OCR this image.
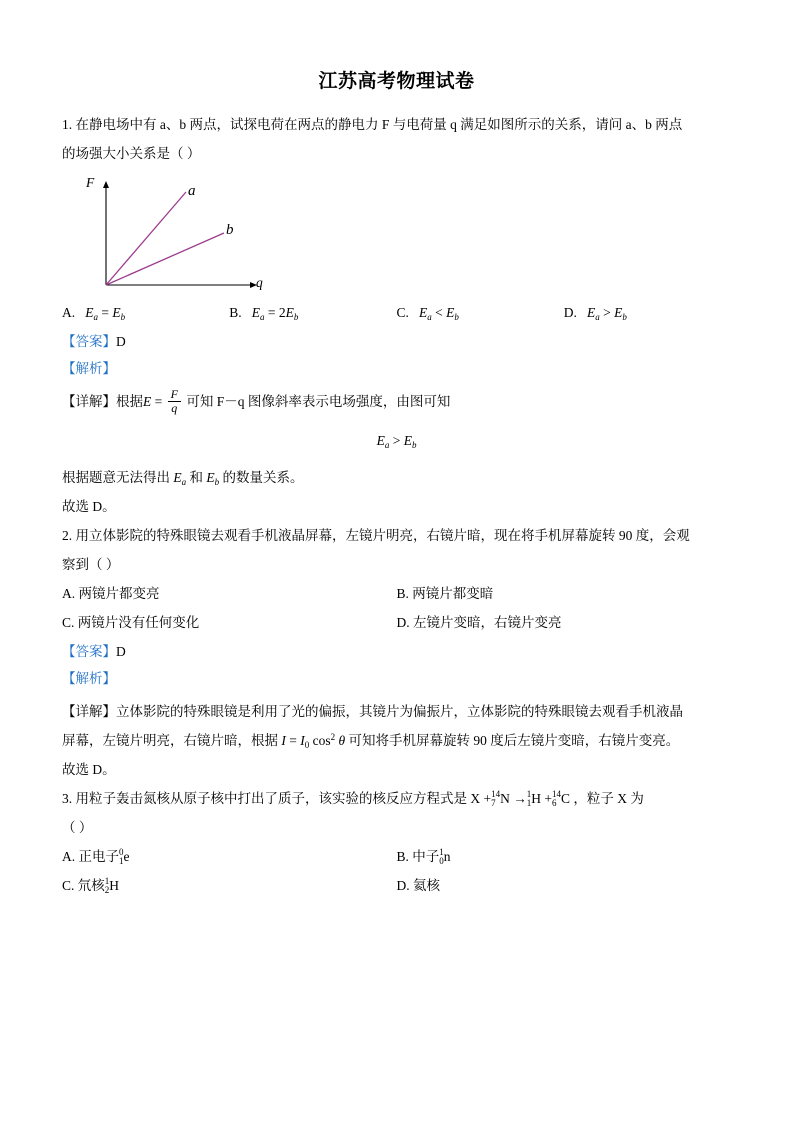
江苏高考物理试卷
1. 在静电场中有 a、b 两点，试探电荷在两点的静电力 F 与电荷量 q 满足如图所示的关系，请问 a、b 两点
的场强大小关系是（ ）
F
q
a
b
A. $E_a = E_b$	B. $E_a = 2E_b$	C. $E_a < E_b$	D. $E_a > E_b$
【答案】D
【解析】
【详解】根据$E = \frac{F}{q}$ 可知 F－q 图像斜率表示电场强度，由图可知
$E_a > E_b$
根据题意无法得出 $E_a$ 和 $E_b$ 的数量关系。
故选 D。
2. 用立体影院的特殊眼镜去观看手机液晶屏幕，左镜片明亮，右镜片暗，现在将手机屏幕旋转 90 度，会观
察到（ ）
A. 两镜片都变亮	B. 两镜片都变暗
C. 两镜片没有任何变化	D. 左镜片变暗，右镜片变亮
【答案】D
【解析】
【详解】立体影院的特殊眼镜是利用了光的偏振，其镜片为偏振片，立体影院的特殊眼镜去观看手机液晶
屏幕，左镜片明亮，右镜片暗，根据 $I = I_0$ $\cos^2 \theta$ 可知将手机屏幕旋转 90 度后左镜片变暗，右镜片变亮。
故选 D。
3. 用粒子轰击氮核从原子核中打出了质子，该实验的核反应方程式是 X + 14
7 N → 1
1 H + 14
6 C ，粒子 X 为
（ ）
A. 正电子 0
1 e	B. 中子 1
0 n
C. 氘核 1
2 H	D. 氦核
